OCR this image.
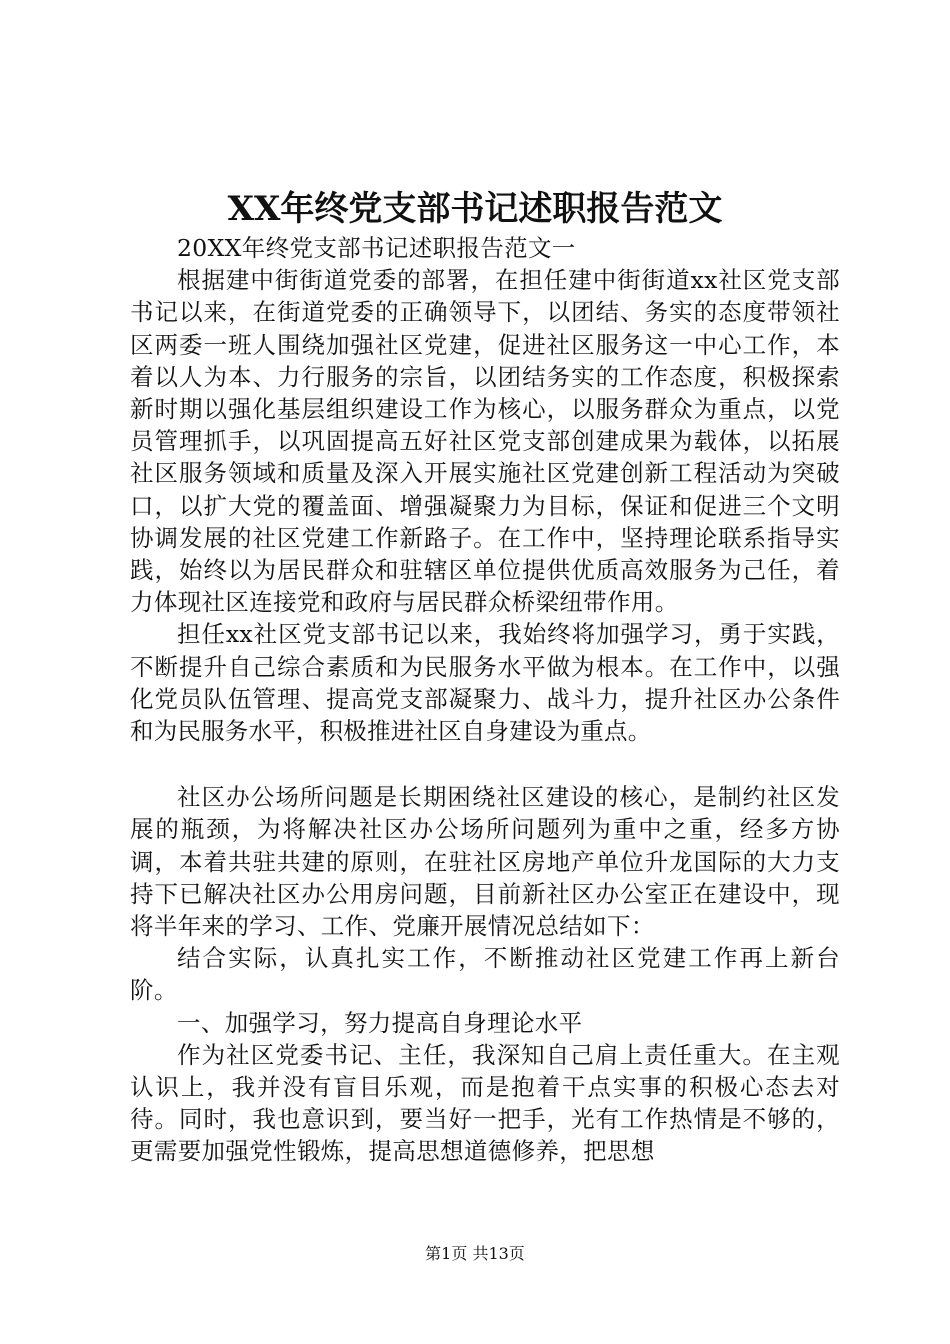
XX年终党支部书记述职报告范文

20XX年终党支部书记述职报告范文一

根据建中街街道党委的部署，在担任建中街街道xx社区党支部书记以来，在街道党委的正确领导下，以团结、务实的态度带领社区两委一班人围绕加强社区党建，促进社区服务这一中心工作，本着以人为本、力行服务的宗旨，以团结务实的工作态度，积极探索新时期以强化基层组织建设工作为核心，以服务群众为重点，以党员管理抓手，以巩固提高五好社区党支部创建成果为载体，以拓展社区服务领域和质量及深入开展实施社区党建创新工程活动为突破口，以扩大党的覆盖面、增强凝聚力为目标，保证和促进三个文明协调发展的社区党建工作新路子。在工作中，坚持理论联系指导实践，始终以为居民群众和驻辖区单位提供优质高效服务为己任，着力体现社区连接党和政府与居民群众桥梁纽带作用。

担任xx社区党支部书记以来，我始终将加强学习，勇于实践，不断提升自己综合素质和为民服务水平做为根本。在工作中，以强化党员队伍管理、提高党支部凝聚力、战斗力，提升社区办公条件和为民服务水平，积极推进社区自身建设为重点。

社区办公场所问题是长期困绕社区建设的核心，是制约社区发展的瓶颈，为将解决社区办公场所问题列为重中之重，经多方协调，本着共驻共建的原则，在驻社区房地产单位升龙国际的大力支持下已解决社区办公用房问题，目前新社区办公室正在建设中，现将半年来的学习、工作、党廉开展情况总结如下：

结合实际，认真扎实工作，不断推动社区党建工作再上新台阶。

一、加强学习，努力提高自身理论水平

作为社区党委书记、主任，我深知自己肩上责任重大。在主观认识上，我并没有盲目乐观，而是抱着干点实事的积极心态去对待。同时，我也意识到，要当好一把手，光有工作热情是不够的，更需要加强党性锻炼，提高思想道德修养，把思想

第1页 共13页
